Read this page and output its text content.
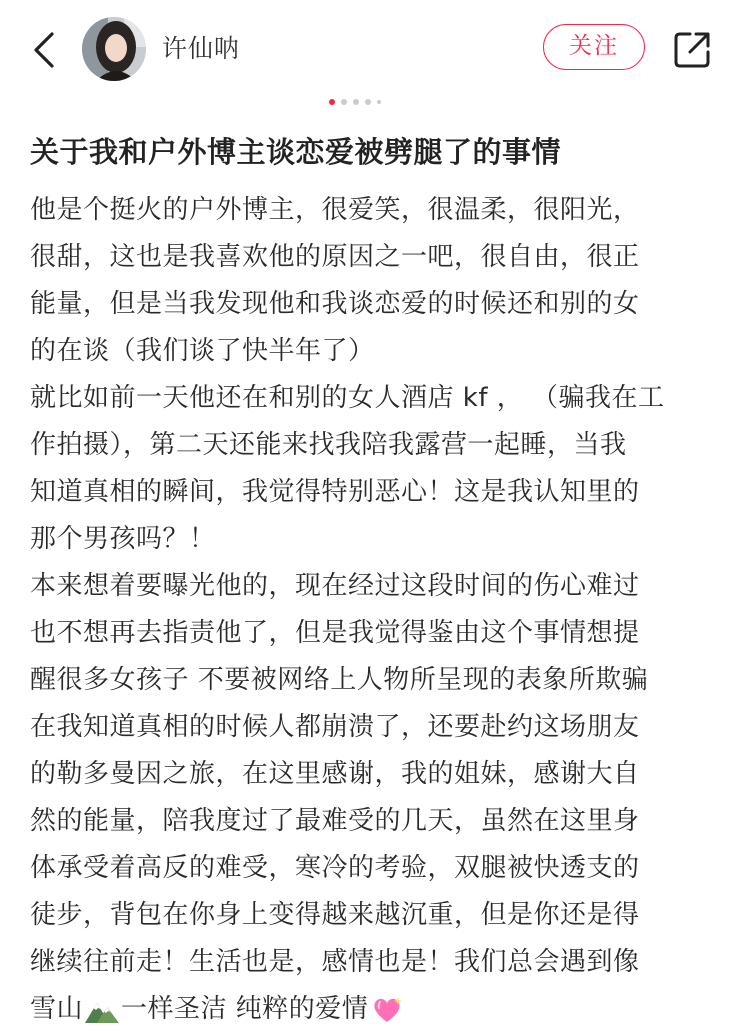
许仙呐	关注
关于我和户外博主谈恋爱被劈腿了的事情
他是个挺火的户外博主，很爱笑，很温柔，很阳光，
很甜，这也是我喜欢他的原因之一吧，很自由，很正
能量，但是当我发现他和我谈恋爱的时候还和别的女
的在谈（我们谈了快半年了）
就比如前一天他还在和别的女人酒店 kf ， （骗我在工
作拍摄），第二天还能来找我陪我露营一起睡，当我
知道真相的瞬间，我觉得特别恶心！这是我认知里的
那个男孩吗？！
本来想着要曝光他的，现在经过这段时间的伤心难过
也不想再去指责他了，但是我觉得鉴由这个事情想提
醒很多女孩子 不要被网络上人物所呈现的表象所欺骗
在我知道真相的时候人都崩溃了，还要赴约这场朋友
的勒多曼因之旅，在这里感谢，我的姐妹，感谢大自
然的能量，陪我度过了最难受的几天，虽然在这里身
体承受着高反的难受，寒冷的考验，双腿被快透支的
徒步，背包在你身上变得越来越沉重，但是你还是得
继续往前走！生活也是，感情也是！我们总会遇到像
雪山 一样圣洁 纯粹的爱情
